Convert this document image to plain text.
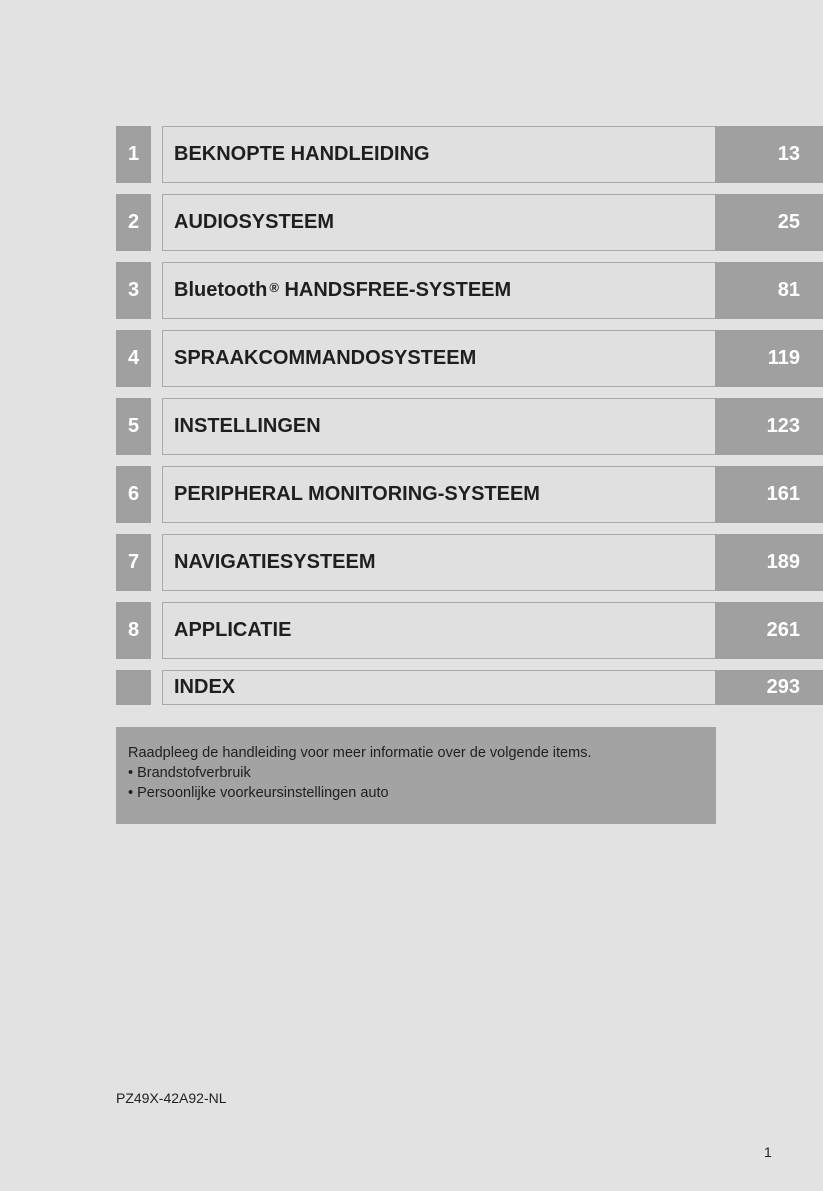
1	BEKNOPTE HANDLEIDING	13
2	AUDIOSYSTEEM	25
3	Bluetooth® HANDSFREE-SYSTEEM	81
4	SPRAAKCOMMANDOSYSTEEM	119
5	INSTELLINGEN	123
6	PERIPHERAL MONITORING-SYSTEEM	161
7	NAVIGATIESYSTEEM	189
8	APPLICATIE	261
INDEX	293
Raadpleeg de handleiding voor meer informatie over de volgende items.
• Brandstofverbruik
• Persoonlijke voorkeursinstellingen auto
PZ49X-42A92-NL
1
